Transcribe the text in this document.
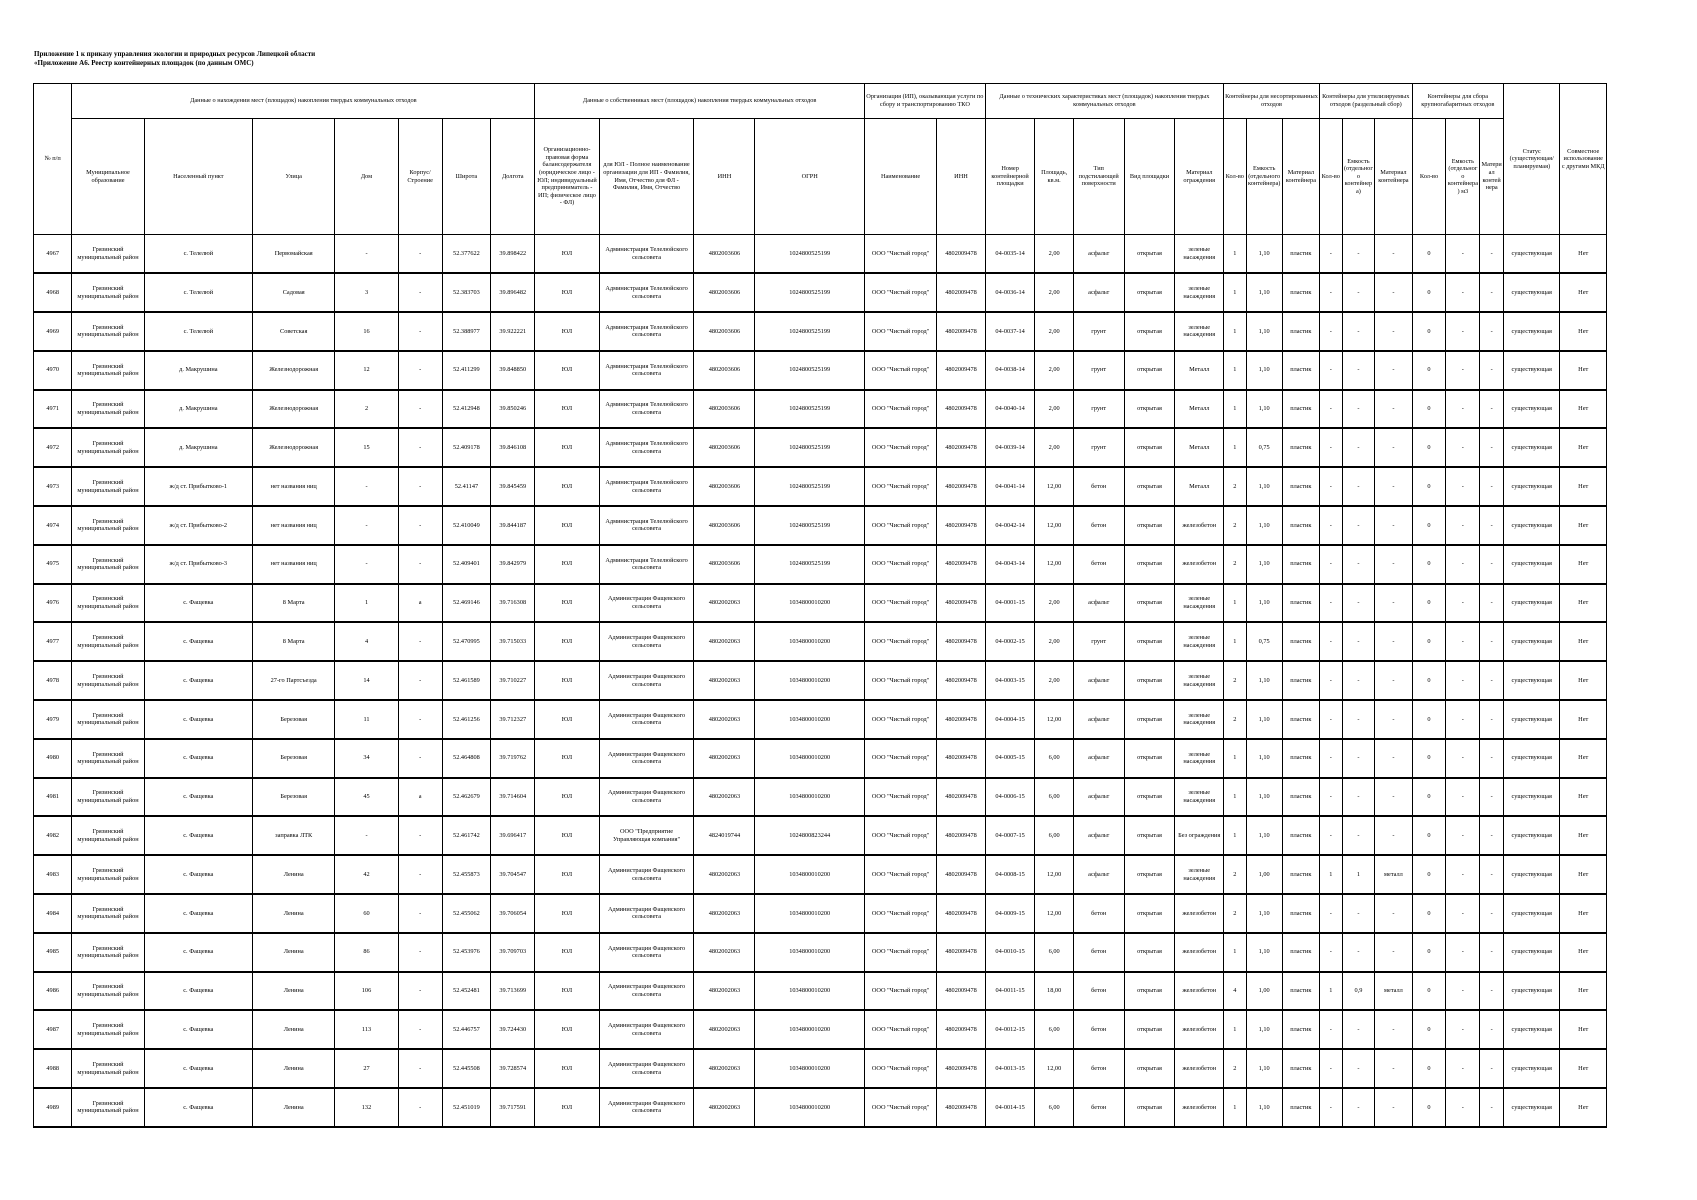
Приложение 1 к приказу управления экологии и природных ресурсов Липецкой области
«Приложение А6. Реестр контейнерных площадок (по данным ОМС)
№ п/п	Данные о нахождении мест (площадок) накопления твердых коммунальных отходов							Данные о собственниках мест (площадок) накопления твердых коммунальных отходов				Организация (ИП), оказывающая услуги по сбору и транспортированию ТКО		Данные о технических характеристиках мест (площадок) накопления твердых коммунальных отходов					Контейнеры для несортированных отходов			Контейнеры для утилизируемых отходов (раздельный сбор)			Контейнеры для сбора крупногабаритных отходов			Статус (существующая/ планируемая)	Совместное использование с другими МКД
	Муниципальное образование	Населенный пункт	Улица	Дом	Корпус/Строение	Широта	Долгота	Организационно-правовая форма балансодержателя (юридическое лицо - ЮЛ; индивидуальный предприниматель - ИП; физическое лицо - ФЛ)	для ЮЛ - Полное наименование организации для ИП - Фамилия, Имя, Отчество для ФЛ - Фамилия, Имя, Отчество	ИНН	ОГРН	Наименование	ИНН	Номер контейнерной площадки	Площадь, кв.м.	Тип подстилающей поверхности	Вид площадки	Материал ограждения	Кол-во	Емкость (отдельного контейнера)	Материал контейнера	Кол-во	Емкость (отдельного контейнера)	Материал контейнера	Кол-во	Емкость (отдельного контейнера) м3	Материал контейнера		
4967	Грязинский муниципальный район	с. Телелюй	Первомайская	-	-	52.377622	39.898422	ЮЛ	Администрация Телелюйского сельсовета	4802003606	1024800525199	ООО "Чистый город"	4802009478	04-0035-14	2,00	асфальт	открытая	зеленые насаждения	1	1,10	пластик	-	-	-	0	-	-	существующая	Нет
4968	Грязинский муниципальный район	с. Телелюй	Садовая	3	-	52.383703	39.896482	ЮЛ	Администрация Телелюйского сельсовета	4802003606	1024800525199	ООО "Чистый город"	4802009478	04-0036-14	2,00	асфальт	открытая	зеленые насаждения	1	1,10	пластик	-	-	-	0	-	-	существующая	Нет
4969	Грязинский муниципальный район	с. Телелюй	Советская	16	-	52.388977	39.922221	ЮЛ	Администрация Телелюйского сельсовета	4802003606	1024800525199	ООО "Чистый город"	4802009478	04-0037-14	2,00	грунт	открытая	зеленые насаждения	1	1,10	пластик	-	-	-	0	-	-	существующая	Нет
4970	Грязинский муниципальный район	д. Макрушина	Железнодорожная	12	-	52.411299	39.848850	ЮЛ	Администрация Телелюйского сельсовета	4802003606	1024800525199	ООО "Чистый город"	4802009478	04-0038-14	2,00	грунт	открытая	Металл	1	1,10	пластик	-	-	-	0	-	-	существующая	Нет
4971	Грязинский муниципальный район	д. Макрушина	Железнодорожная	2	-	52.412948	39.850246	ЮЛ	Администрация Телелюйского сельсовета	4802003606	1024800525199	ООО "Чистый город"	4802009478	04-0040-14	2,00	грунт	открытая	Металл	1	1,10	пластик	-	-	-	0	-	-	существующая	Нет
4972	Грязинский муниципальный район	д. Макрушина	Железнодорожная	15	-	52.409178	39.846108	ЮЛ	Администрация Телелюйского сельсовета	4802003606	1024800525199	ООО "Чистый город"	4802009478	04-0039-14	2,00	грунт	открытая	Металл	1	0,75	пластик	-	-	-	0	-	-	существующая	Нет
4973	Грязинский муниципальный район	ж/д ст. Прибытково-1	нет названия ниц	-	-	52.41147	39.845459	ЮЛ	Администрация Телелюйского сельсовета	4802003606	1024800525199	ООО "Чистый город"	4802009478	04-0041-14	12,00	бетон	открытая	Металл	2	1,10	пластик	-	-	-	0	-	-	существующая	Нет
4974	Грязинский муниципальный район	ж/д ст. Прибытково-2	нет названия ниц	-	-	52.410049	39.844187	ЮЛ	Администрация Телелюйского сельсовета	4802003606	1024800525199	ООО "Чистый город"	4802009478	04-0042-14	12,00	бетон	открытая	железобетон	2	1,10	пластик	-	-	-	0	-	-	существующая	Нет
4975	Грязинский муниципальный район	ж/д ст. Прибытково-3	нет названия ниц	-	-	52.409401	39.842979	ЮЛ	Администрация Телелюйского сельсовета	4802003606	1024800525199	ООО "Чистый город"	4802009478	04-0043-14	12,00	бетон	открытая	железобетон	2	1,10	пластик	-	-	-	0	-	-	существующая	Нет
4976	Грязинский муниципальный район	с. Фащевка	8 Марта	1	а	52.469146	39.716308	ЮЛ	Администрация Фащевского сельсовета	4802002063	1034800010200	ООО "Чистый город"	4802009478	04-0001-15	2,00	асфальт	открытая	зеленые насаждения	1	1,10	пластик	-	-	-	0	-	-	существующая	Нет
4977	Грязинский муниципальный район	с. Фащевка	8 Марта	4	-	52.470995	39.715033	ЮЛ	Администрация Фащевского сельсовета	4802002063	1034800010200	ООО "Чистый город"	4802009478	04-0002-15	2,00	грунт	открытая	зеленые насаждения	1	0,75	пластик	-	-	-	0	-	-	существующая	Нет
4978	Грязинский муниципальный район	с. Фащевка	27-го Партсъезда	14	-	52.461589	39.710227	ЮЛ	Администрация Фащевского сельсовета	4802002063	1034800010200	ООО "Чистый город"	4802009478	04-0003-15	2,00	асфальт	открытая	зеленые насаждения	2	1,10	пластик	-	-	-	0	-	-	существующая	Нет
4979	Грязинский муниципальный район	с. Фащевка	Березовая	11	-	52.461256	39.712327	ЮЛ	Администрация Фащевского сельсовета	4802002063	1034800010200	ООО "Чистый город"	4802009478	04-0004-15	12,00	асфальт	открытая	зеленые насаждения	2	1,10	пластик	-	-	-	0	-	-	существующая	Нет
4980	Грязинский муниципальный район	с. Фащевка	Березовая	34	-	52.464808	39.719762	ЮЛ	Администрация Фащевского сельсовета	4802002063	1034800010200	ООО "Чистый город"	4802009478	04-0005-15	6,00	асфальт	открытая	зеленые насаждения	1	1,10	пластик	-	-	-	0	-	-	существующая	Нет
4981	Грязинский муниципальный район	с. Фащевка	Березовая	45	а	52.462679	39.714604	ЮЛ	Администрация Фащевского сельсовета	4802002063	1034800010200	ООО "Чистый город"	4802009478	04-0006-15	6,00	асфальт	открытая	зеленые насаждения	1	1,10	пластик	-	-	-	0	-	-	существующая	Нет
4982	Грязинский муниципальный район	с. Фащевка	заправка ЛТК	-	-	52.461742	39.696417	ЮЛ	ООО "Предприятие Управляющая компания"	4824019744	1024800823244	ООО "Чистый город"	4802009478	04-0007-15	6,00	асфальт	открытая	Без ограждения	1	1,10	пластик	-	-	-	0	-	-	существующая	Нет
4983	Грязинский муниципальный район	с. Фащевка	Ленина	42	-	52.455873	39.704547	ЮЛ	Администрация Фащевского сельсовета	4802002063	1034800010200	ООО "Чистый город"	4802009478	04-0008-15	12,00	асфальт	открытая	зеленые насаждения	2	1,00	пластик	1	1	металл	0	-	-	существующая	Нет
4984	Грязинский муниципальный район	с. Фащевка	Ленина	60	-	52.455062	39.706054	ЮЛ	Администрация Фащевского сельсовета	4802002063	1034800010200	ООО "Чистый город"	4802009478	04-0009-15	12,00	бетон	открытая	железобетон	2	1,10	пластик	-	-	-	0	-	-	существующая	Нет
4985	Грязинский муниципальный район	с. Фащевка	Ленина	86	-	52.453976	39.709703	ЮЛ	Администрация Фащевского сельсовета	4802002063	1034800010200	ООО "Чистый город"	4802009478	04-0010-15	6,00	бетон	открытая	железобетон	1	1,10	пластик	-	-	-	0	-	-	существующая	Нет
4986	Грязинский муниципальный район	с. Фащевка	Ленина	106	-	52.452481	39.713699	ЮЛ	Администрация Фащевского сельсовета	4802002063	1034800010200	ООО "Чистый город"	4802009478	04-0011-15	18,00	бетон	открытая	железобетон	4	1,00	пластик	1	0,9	металл	0	-	-	существующая	Нет
4987	Грязинский муниципальный район	с. Фащевка	Ленина	113	-	52.446757	39.724430	ЮЛ	Администрация Фащевского сельсовета	4802002063	1034800010200	ООО "Чистый город"	4802009478	04-0012-15	6,00	бетон	открытая	железобетон	1	1,10	пластик	-	-	-	0	-	-	существующая	Нет
4988	Грязинский муниципальный район	с. Фащевка	Ленина	27	-	52.445508	39.728574	ЮЛ	Администрация Фащевского сельсовета	4802002063	1034800010200	ООО "Чистый город"	4802009478	04-0013-15	12,00	бетон	открытая	железобетон	2	1,10	пластик	-	-	-	0	-	-	существующая	Нет
4989	Грязинский муниципальный район	с. Фащевка	Ленина	132	-	52.451019	39.717591	ЮЛ	Администрация Фащевского сельсовета	4802002063	1034800010200	ООО "Чистый город"	4802009478	04-0014-15	6,00	бетон	открытая	железобетон	1	1,10	пластик	-	-	-	0	-	-	существующая	Нет
